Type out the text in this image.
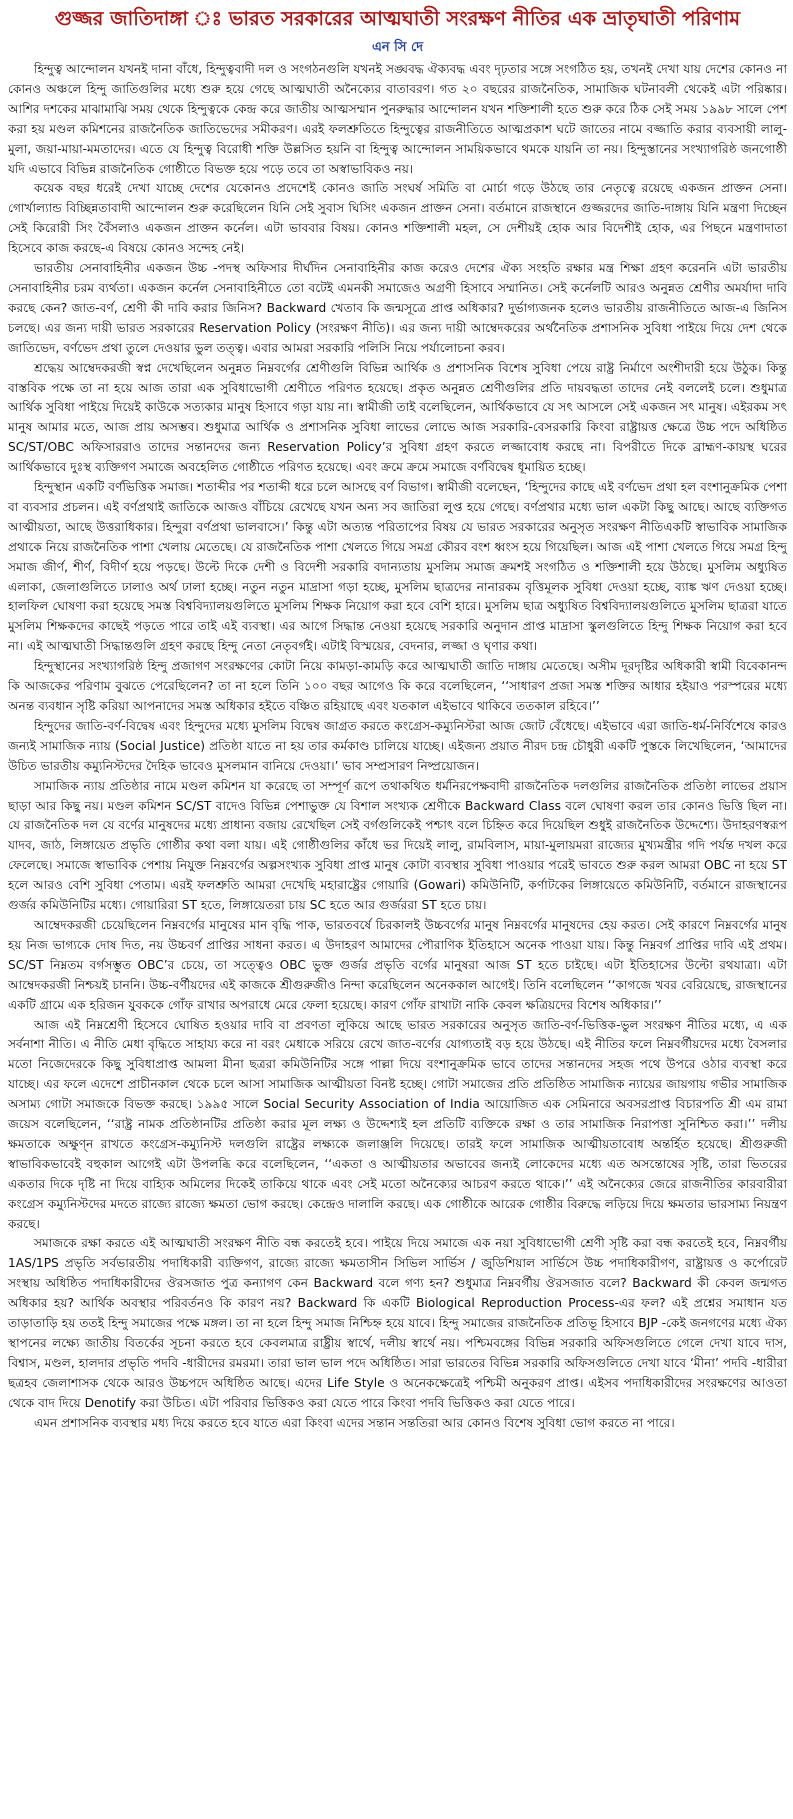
গুজ্জর জাতিদাঙ্গা ঃ ভারত সরকারের আত্মঘাতী সংরক্ষণ নীতির এক ভ্রাতৃঘাতী পরিণাম
এন সি দে

হিন্দুত্ব আন্দোলন যখনই দানা বাঁধে, হিন্দুত্ববাদী দল ও সংগঠনগুলি যখনই সঙ্ঘবদ্ধ ঐক্যবদ্ধ এবং দৃঢ়তার সঙ্গে সংগঠিত হয়, তখনই দেখা যায় দেশের কোনও না কোনও অঞ্চলে হিন্দু জাতিগুলির মধ্যে শুরু হয়ে গেছে আত্মঘাতী অনৈক্যের বাতাবরণ। গত ২০ বছরের রাজনৈতিক, সামাজিক ঘটনাবলী থেকেই এটা পরিষ্কার। আশির দশকের মাঝামাঝি সময় থেকে হিন্দুত্বকে কেন্দ্র করে জাতীয় আত্মসম্মান পুনরুদ্ধার আন্দোলন যখন শক্তিশালী হতে শুরু করে ঠিক সেই সময় ১৯৯৮ সালে পেশ করা হয় মণ্ডল কমিশনের রাজনৈতিক জাতিভেদের সমীকরণ। এরই ফলশ্রুতিতে হিন্দুত্বের রাজনীতিতে আত্মপ্রকাশ ঘটে জাতের নামে বজ্জাতি করার ব্যবসায়ী লালু-মুলা, জয়া-মায়া-মমতাদের। এতে যে হিন্দুত্ব বিরোধী শক্তি উল্লসিত হয়নি বা হিন্দুত্ব আন্দোলন সাময়িকভাবে থমকে যায়নি তা নয়। হিন্দুস্তানের সংখ্যাগরিষ্ঠ জনগোষ্ঠী যদি এভাবে বিভিন্ন রাজনৈতিক গোষ্ঠীতে বিভক্ত হয়ে পড়ে তবে তা অস্বাভাবিকও নয়।

কয়েক বছর ধরেই দেখা যাচ্ছে দেশের যেকোনও প্রদেশেই কোনও জাতি সংঘর্ষ সমিতি বা মোর্চা গড়ে উঠছে তার নেতৃত্বে রয়েছে একজন প্রাক্তন সেনা। গোর্খাল্যান্ড বিচ্ছিন্নতাবাদী আন্দোলন শুরু করেছিলেন যিনি সেই সুবাস ঘিসিং একজন প্রাক্তন সেনা। বর্তমানে রাজস্থানে গুজ্জরদের জাতি-দাঙ্গায় যিনি মন্ত্রণা দিচ্ছেন সেই কিরোরী সিং বৈঁসলাও একজন প্রাক্তন কর্নেল। এটা ভাববার বিষয়। কোনও শক্তিশালী মহল, সে দেশীয়ই হোক আর বিদেশীই হোক, এর পিছনে মন্ত্রণাদাতা হিসেবে কাজ করছে-এ বিষয়ে কোনও সন্দেহ নেই।

ভারতীয় সেনাবাহিনীর একজন উচ্চ -পদস্থ অফিসার দীর্ঘদিন সেনাবাহিনীর কাজ করেও দেশের ঐক্য সংহতি রক্ষার মন্ত্র শিক্ষা গ্রহণ করেননি এটা ভারতীয় সেনাবাহিনীর চরম ব্যর্থতা। একজন কর্নেল সেনাবাহিনীতে তো বটেই এমনকী সমাজেও অগ্রণী হিসাবে সম্মানিত। সেই কর্নেলটি আরও অনুন্নত শ্রেণীর অমর্যাদা দাবি করছে কেন? জাত-বর্ণ, শ্রেণী কী দাবি করার জিনিস? Backward খেতাব কি জন্মসূত্রে প্রাপ্ত অধিকার? দুর্ভাগ্যজনক হলেও ভারতীয় রাজনীতিতে আজ-এ জিনিস চলছে। এর জন্য দায়ী ভারত সরকারের Reservation Policy (সংরক্ষণ নীতি)। এর জন্য দায়ী আম্বেদকরের অর্থনৈতিক প্রশাসনিক সুবিধা পাইয়ে দিয়ে দেশ থেকে জাতিভেদ, বর্ণভেদ প্রথা তুলে দেওয়ার ভুল তত্ত্ব। এবার আমরা সরকারি পলিসি নিয়ে পর্যালোচনা করব।

শ্রদ্ধেয় আম্বেদকরজী স্বপ্ন দেখেছিলেন অনুন্নত নিম্নবর্গের শ্রেণীগুলি বিভিন্ন আর্থিক ও প্রশাসনিক বিশেষ সুবিধা পেয়ে রাষ্ট্র নির্মাণে অংশীদারী হয়ে উঠুক। কিন্তু বাস্তবিক পক্ষে তা না হয়ে আজ তারা এক সুবিধাভোগী শ্রেণীতে পরিণত হয়েছে। প্রকৃত অনুন্নত শ্রেণীগুলির প্রতি দায়বদ্ধতা তাদের নেই বললেই চলে। শুধুমাত্র আর্থিক সুবিধা পাইয়ে দিয়েই কাউকে সত্যকার মানুষ হিসাবে গড়া যায় না। স্বামীজী তাই বলেছিলেন, আর্থিকভাবে যে সৎ আসলে সেই একজন সৎ মানুষ। এইরকম সৎ মানুষ আমার মতে, আজ প্রায় অসম্ভব। শুধুমাত্র আর্থিক ও প্রশাসনিক সুবিধা লাভের লোভে আজ সরকারি-বেসরকারি কিংবা রাষ্ট্রায়ত্ত ক্ষেত্রে উচ্চ পদে অধিষ্ঠিত SC/ST/OBC অফিসাররাও তাদের সন্তানদের জন্য Reservation Policy’র সুবিধা গ্রহণ করতে লজ্জাবোধ করছে না। বিপরীতে দিকে ব্রাহ্মণ-কায়স্থ ঘরের আর্থিকভাবে দুঃস্থ ব্যক্তিগণ সমাজে অবহেলিত গোষ্ঠীতে পরিণত হয়েছে। এবং ক্রমে ক্রমে সমাজে বর্ণবিদ্বেষ ধূমায়িত হচ্ছে।

হিন্দুস্থান একটি বর্ণভিত্তিক সমাজ। শতাব্দীর পর শতাব্দী ধরে চলে আসছে বর্ণ বিভাগ। স্বামীজী বলেছেন, ‘হিন্দুদের কাছে এই বর্ণভেদ প্রথা হল বংশানুক্রমিক পেশা বা ব্যবসার প্রচলন। এই বর্ণপ্রথাই জাতিকে আজও বাঁচিয়ে রেখেছে যখন অন্য সব জাতিরা লুপ্ত হয়ে গেছে। বর্ণপ্রথার মধ্যে ভাল একটা কিছু আছে। আছে ব্যক্তিগত আত্মীয়তা, আছে উত্তরাধিকার। হিন্দুরা বর্ণপ্রথা ভালবাসে।’ কিন্তু এটা অত্যন্ত পরিতাপের বিষয় যে ভারত সরকারের অনুসৃত সংরক্ষণ নীতিএকটি স্বাভাবিক সামাজিক প্রথাকে নিয়ে রাজনৈতিক পাশা খেলায় মেতেছে। যে রাজনৈতিক পাশা খেলতে গিয়ে সমগ্র কৌরব বংশ ধ্বংস হয়ে গিয়েছিল। আজ এই পাশা খেলতে গিয়ে সমগ্র হিন্দু সমাজ জীর্ণ, শীর্ণ, বিদীর্ণ হয়ে পড়ছে। উল্টে দিকে দেশী ও বিদেশী সরকারি বদান্যতায় মুসলিম সমাজ ক্রমশই সংগঠিত ও শক্তিশালী হয়ে উঠছে। মুসলিম অধ্যুষিত এলাকা, জেলাগুলিতে ঢালাও অর্থ ঢালা হচ্ছে। নতুন নতুন মাদ্রাসা গড়া হচ্ছে, মুসলিম ছাত্রদের নানারকম বৃত্তিমূলক সুবিধা দেওয়া হচ্ছে, ব্যাঙ্ক ঋণ দেওয়া হচ্ছে। হালফিল ঘোষণা করা হয়েছে সমস্ত বিশ্ববিদ্যালয়গুলিতে মুসলিম শিক্ষক নিয়োগ করা হবে বেশি হারে। মুসলিম ছাত্র অধ্যুষিত বিশ্ববিদ্যালয়গুলিতে মুসলিম ছাত্ররা যাতে মুসলিম শিক্ষকদের কাছেই পড়তে পারে তাই এই ব্যবস্থা। এর আগে সিদ্ধান্ত নেওয়া হয়েছে সরকারি অনুদান প্রাপ্ত মাদ্রাসা স্কুলগুলিতে হিন্দু শিক্ষক নিয়োগ করা হবে না। এই আত্মঘাতী সিদ্ধান্তগুলি গ্রহণ করছে হিন্দু নেতা নেতৃবর্গই। এটাই বিস্ময়ের, বেদনার, লজ্জা ও ঘৃণার কথা।

হিন্দুস্থানের সংখ্যাগরিষ্ঠ হিন্দু প্রজাগণ সংরক্ষণের কোটা নিয়ে কামড়া-কামড়ি করে আত্মঘাতী জাতি দাঙ্গায় মেতেছে। অসীম দূরদৃষ্টির অধিকারী স্বামী বিবেকানন্দ কি আজকের পরিণাম বুঝতে পেরেছিলেন? তা না হলে তিনি ১০০ বছর আগেও কি করে বলেছিলেন, ‘‘সাধারণ প্রজা সমস্ত শক্তির আধার হইয়াও পরস্পরের মধ্যে অনন্ত ব্যবধান সৃষ্টি করিয়া আপনাদের সমস্ত অধিকার হইতে বঞ্চিত রহিয়াছে এবং যতকাল এইভাবে থাকিবে ততকাল রহিবে।’’

হিন্দুদের জাতি-বর্ণ-বিদ্বেষ এবং হিন্দুদের মধ্যে মুসলিম বিদ্বেষ জাগ্রত করতে কংগ্রেস-কম্যুনিস্টরা আজ জোট বেঁধেছে। এইভাবে এরা জাতি-ধর্ম-নির্বিশেষে কারও জন্যই সামাজিক ন্যায় (Social Justice) প্রতিষ্ঠা যাতে না হয় তার কর্মকাণ্ড চালিয়ে যাচ্ছে। এইজন্য প্রয়াত নীরদ চন্দ্র চৌধুরী একটি পুস্তকে লিখেছিলেন, ‘আমাদের উচিত ভারতীয় কম্যুনিস্টদের দৈহিক ভাবেও মুসলমান বানিয়ে দেওয়া।’ ভাব সম্প্রসারণ নিষ্প্রয়োজন।

সামাজিক ন্যায় প্রতিষ্ঠার নামে মণ্ডল কমিশন যা করেছে তা সম্পূর্ণ রূপে তথাকথিত ধর্মনিরপেক্ষবাদী রাজনৈতিক দলগুলির রাজনৈতিক প্রতিষ্ঠা লাভের প্রয়াস ছাড়া আর কিছু নয়। মণ্ডল কমিশন SC/ST বাদেও বিভিন্ন পেশাভুক্ত যে বিশাল সংখ্যক শ্রেণীকে Backward Class বলে ঘোষণা করল তার কোনও ভিত্তি ছিল না। যে রাজনৈতিক দল যে বর্ণের মানুষদের মধ্যে প্রাধান্য বজায় রেখেছিল সেই বর্গগুলিকেই পশ্চাৎ বলে চিহ্নিত করে দিয়েছিল শুধুই রাজনৈতিক উদ্দেশ্যে। উদাহরণস্বরূপ যাদব, জাঠ, লিঙ্গায়েত প্রভৃতি গোষ্ঠীর কথা বলা যায়। এই গোষ্ঠীগুলির কাঁধে ভর দিয়েই লালু, রামবিলাস, মায়া-মুলায়মরা রাজ্যের মুখ্যমন্ত্রীর গদি পর্যন্ত দখল করে ফেলেছে। সমাজে স্বাভাবিক পেশায় নিযুক্ত নিম্নবর্গের অল্পসংখ্যক সুবিধা প্রাপ্ত মানুষ কোটা ব্যবস্থার সুবিধা পাওয়ার পরেই ভাবতে শুরু করল আমরা OBC না হয়ে ST হলে আরও বেশি সুবিধা পেতাম। এরই ফলশ্রুতি আমরা দেখেছি মহারাষ্ট্রের গোয়ারি (Gowari) কমিউনিটি, কর্ণাটকের লিঙ্গায়েতে কমিউনিটি, বর্তমানে রাজস্থানের গুর্জর কমিউনিটির মধ্যে। গোয়ারিরা ST হতে, লিঙ্গায়েতরা চায় SC হতে আর গুর্জররা ST হতে চায়।

আম্বেদকরজী চেয়েছিলেন নিম্নবর্গের মানুষের মান বৃদ্ধি পাক, ভারতবর্ষে চিরকালই উচ্চবর্গের মানুষ নিম্নবর্গের মানুষদের হেয় করত। সেই কারণে নিম্নবর্গের মানুষ হয় নিজ ভাগ্যকে দোষ দিত, নয় উচ্চবর্ণ প্রাপ্তির সাধনা করত। এ উদাহরণ আমাদের পৌরাণিক ইতিহাসে অনেক পাওয়া যায়। কিন্তু নিম্নবর্গ প্রাপ্তির দাবি এই প্রথম। SC/ST নিম্নতম বর্গসম্ভুত OBC’র চেয়ে, তা সত্ত্বেও OBC ভুক্ত গুর্জর প্রভৃতি বর্গের মানুষরা আজ ST হতে চাইছে। এটা ইতিহাসের উল্টো রথযাত্রা। এটা আম্বেদকরজী নিশ্চয়ই চাননি। উচ্চ-বর্ণীয়দের এই কাজকে শ্রীগুরুজীও নিন্দা করেছিলেন অনেককাল আগেই। তিনি বলেছিলেন ‘‘কাগজে খবর বেরিয়েছে, রাজস্থানের একটি গ্রামে এক হরিজন যুবককে গোঁফ রাখার অপরাধে মেরে ফেলা হয়েছে। কারণ গোঁফ রাখাটা নাকি কেবল ক্ষত্রিয়দের বিশেষ অধিকার।’’

আজ এই নিম্নশ্রেণী হিসেবে ঘোষিত হওয়ার দাবি বা প্রবণতা লুকিয়ে আছে ভারত সরকারের অনুসৃত জাতি-বর্ণ-ভিত্তিক-ভুল সংরক্ষণ নীতির মধ্যে, এ এক সর্বনাশা নীতি। এ নীতি মেধা বৃদ্ধিতে সাহায্য করে না বরং মেধাকে সরিয়ে রেখে জাত-বর্ণের যোগ্যতাই বড় হয়ে উঠছে। এই নীতির ফলে নিম্নবর্গীয়দের মধ্যে বৈসলার মতো নিজেদেরকে কিছু সুবিধাপ্রাপ্ত আমলা মীনা ছত্ররা কমিউনিটির সঙ্গে পাল্লা দিয়ে বংশানুক্রমিক ভাবে তাদের সন্তানদের সহজ পথে উপরে ওঠার ব্যবস্থা করে যাচ্ছে। এর ফলে এদেশে প্রাচীনকাল থেকে চলে আসা সামাজিক আত্মীয়তা বিনষ্ট হচ্ছে। গোটা সমাজের প্রতি প্রতিষ্ঠিত সামাজিক ন্যায়ের জায়গায় গভীর সামাজিক অসাম্য গোটা সমাজকে বিভক্ত করছে। ১৯৯৫ সালে Social Security Association of India আয়োজিত এক সেমিনারে অবসরপ্রাপ্ত বিচারপতি শ্রী এম রামা জয়েস বলেছিলেন, ‘‘রাষ্ট্র নামক প্রতিষ্ঠানটির প্রতিষ্ঠা করার মূল লক্ষ্য ও উদ্দেশ্যই হল প্রতিটি ব্যক্তিকে রক্ষা ও তার সামাজিক নিরাপত্তা সুনিশ্চিত করা।’’ দলীয় ক্ষমতাকে অক্ষুণ্ন রাখতে কংগ্রেস-কম্যুনিস্ট দলগুলি রাষ্ট্রের লক্ষ্যকে জলাঞ্জলি দিয়েছে। তারই ফলে সামাজিক আত্মীয়তাবোধ অন্তর্হিত হয়েছে। শ্রীগুরুজী স্বাভাবিকভাবেই বহুকাল আগেই এটা উপলব্ধি করে বলেছিলেন, ‘‘একতা ও আত্মীয়তার অভাবের জন্যই লোকেদের মধ্যে এত অসন্তোষের সৃষ্টি, তারা ভিতরের একতার দিকে দৃষ্টি না দিয়ে বাহ্যিক অমিলের দিকেই তাকিয়ে থাকে এবং সেই মতো অনৈক্যের আচরণ করতে থাকে।’’ এই অনৈক্যের জেরে রাজনীতির কারবারীরা কংগ্রেস কম্যুনিস্টদের মদতে রাজ্যে রাজ্যে ক্ষমতা ভোগ করছে। কেন্দ্রেও দালালি করছে। এক গোষ্ঠীকে আরেক গোষ্ঠীর বিরুদ্ধে লড়িয়ে দিয়ে ক্ষমতার ভারসাম্য নিয়ন্ত্রণ করছে।

সমাজকে রক্ষা করতে এই আত্মঘাতী সংরক্ষণ নীতি বন্ধ করতেই হবে। পাইয়ে দিয়ে সমাজে এক নয়া সুবিধাভোগী শ্রেণী সৃষ্টি করা বন্ধ করতেই হবে, নিম্নবর্গীয় 1AS/1PS প্রভৃতি সর্বভারতীয় পদাধিকারী ব্যক্তিগণ, রাজ্যে রাজ্যে ক্ষমতাসীন সিভিল সার্ভিস / জুডিশিয়াল সার্ভিসে উচ্চ পদাধিকারীগণ, রাষ্ট্রায়ত্ত ও কর্পোরেট সংস্থায় অধিষ্ঠিত পদাধিকারীদের ঔরসজাত পুত্র কন্যাগণ কেন Backward বলে গণ্য হন? শুধুমাত্র নিম্নবর্গীয় ঔরসজাত বলে? Backward কী কেবল জন্মগত অধিকার হয়? আর্থিক অবস্থার পরিবর্তনও কি কারণ নয়? Backward কি একটি Biological Reproduction Process-এর ফল? এই প্রশ্নের সমাধান যত তাড়াতাড়ি হয় ততই হিন্দু সমাজের পক্ষে মঙ্গল। তা না হলে হিন্দু সমাজ নিশ্চিহ্ন হয়ে যাবে। হিন্দু সমাজের রাজনৈতিক প্রতিভূ হিসাবে BJP -কেই জনগণের মধ্যে ঐক্য স্থাপনের লক্ষ্যে জাতীয় বিতর্কের সূচনা করতে হবে কেবলমাত্র রাষ্ট্রীয় স্বার্থে, দলীয় স্বার্থে নয়। পশ্চিমবঙ্গের বিভিন্ন সরকারি অফিসগুলিতে গেলে দেখা যাবে দাস, বিশ্বাস, মণ্ডল, হালদার প্রভৃতি পদবি -ধারীদের রমরমা। তারা ভাল ভাল পদে অধিষ্ঠিত। সারা ভারতের বিভিন্ন সরকারি অফিসগুলিতে দেখা যাবে ‘মীনা’ পদবি -ধারীরা ছত্রহব জেলাশাসক থেকে আরও উচ্চপদে অধিষ্ঠিত আছে। এদের Life Style ও অনেকক্ষেত্রেই পশ্চিমী অনুকরণ প্রাপ্ত। এইসব পদাধিকারীদের সংরক্ষণের আওতা থেকে বাদ দিয়ে Denotify করা উচিত। এটা পরিবার ভিত্তিকও করা যেতে পারে কিংবা পদবি ভিত্তিকও করা যেতে পারে।

এমন প্রশাসনিক ব্যবস্থার মধ্য দিয়ে করতে হবে যাতে এরা কিংবা এদের সন্তান সন্ততিরা আর কোনও বিশেষ সুবিধা ভোগ করতে না পারে।
